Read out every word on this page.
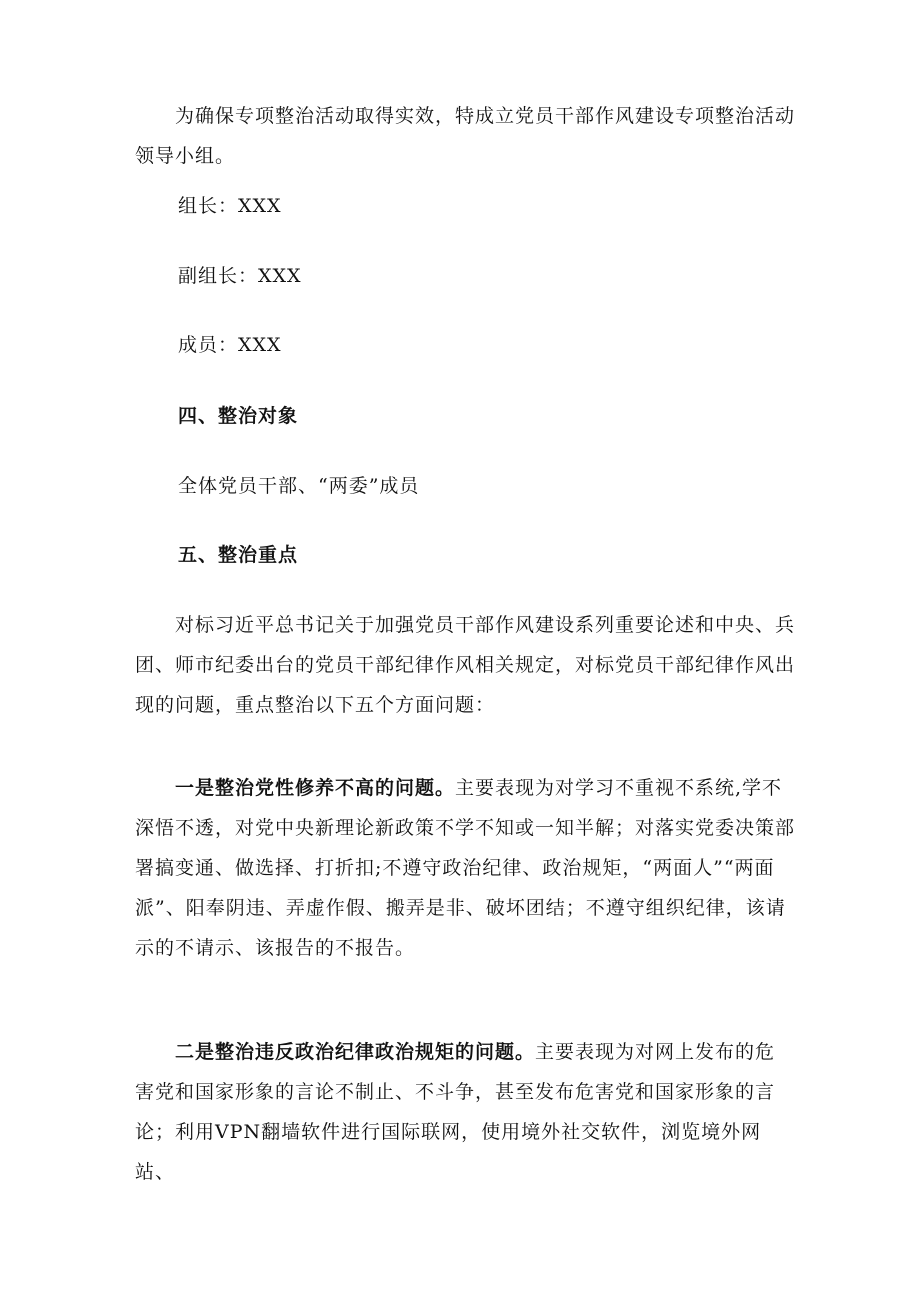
为确保专项整治活动取得实效，特成立党员干部作风建设专项整治活动领导小组。

组长：XXX

副组长：XXX

成员：XXX

四、整治对象

全体党员干部、“两委”成员

五、整治重点

对标习近平总书记关于加强党员干部作风建设系列重要论述和中央、兵团、师市纪委出台的党员干部纪律作风相关规定，对标党员干部纪律作风出现的问题，重点整治以下五个方面问题：

一是整治党性修养不高的问题。主要表现为对学习不重视不系统,学不深悟不透，对党中央新理论新政策不学不知或一知半解；对落实党委决策部署搞变通、做选择、打折扣;不遵守政治纪律、政治规矩，“两面人”“两面派”、阳奉阴违、弄虚作假、搬弄是非、破坏团结；不遵守组织纪律，该请示的不请示、该报告的不报告。

二是整治违反政治纪律政治规矩的问题。主要表现为对网上发布的危害党和国家形象的言论不制止、不斗争，甚至发布危害党和国家形象的言论；利用VPN翻墙软件进行国际联网，使用境外社交软件，浏览境外网站、
